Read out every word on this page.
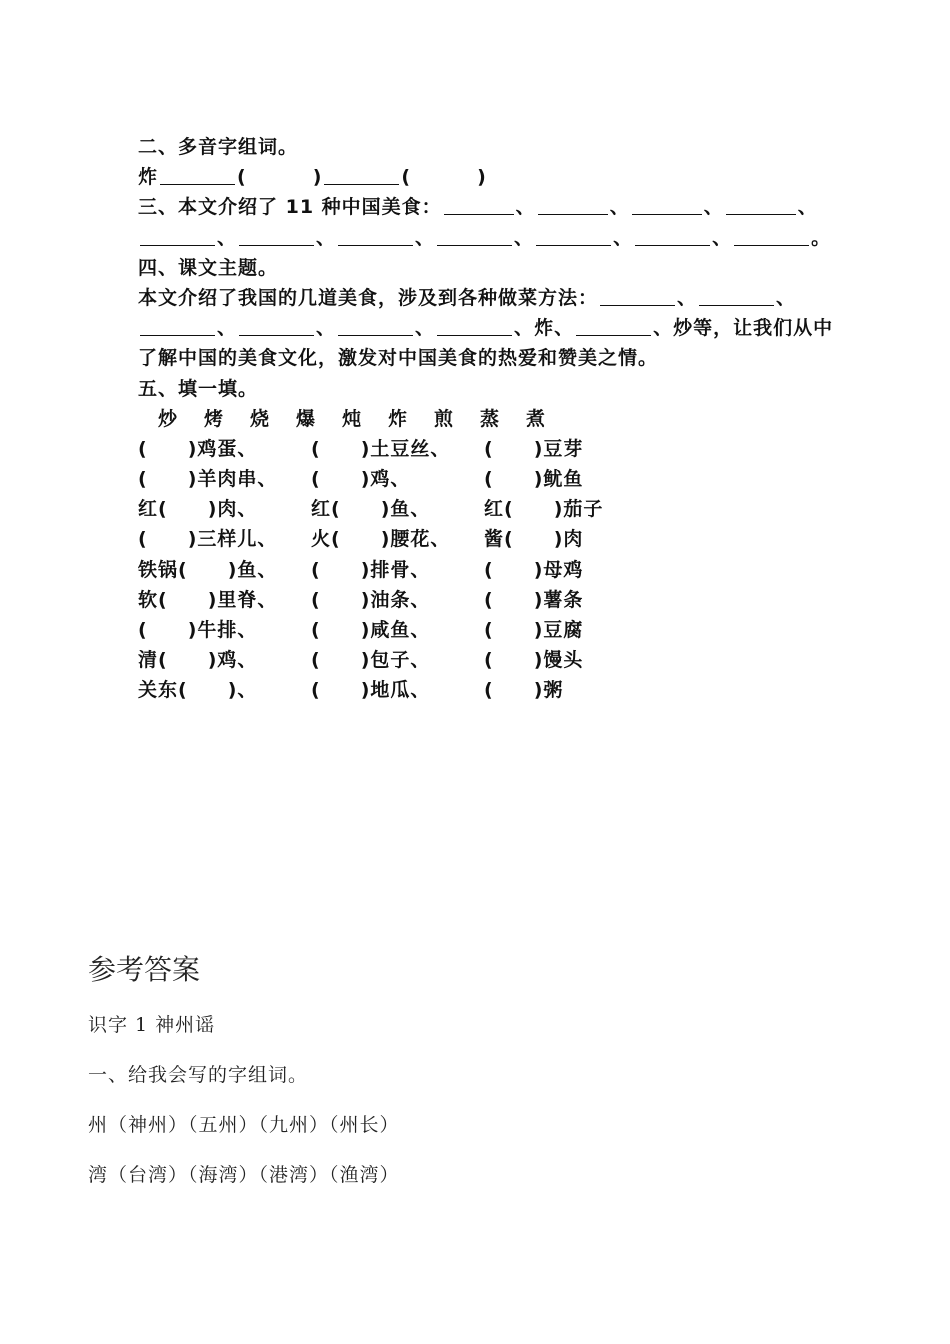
二、多音字组词。
炸	(	)	(	)
三、本文介绍了 11 种中国美食：	、	、	、	、
、	、	、	、	、	、	。
四、课文主题。
本文介绍了我国的几道美食，涉及到各种做菜方法：	、	、
、	、	、	、炸、	、炒等，让我们从中
了解中国的美食文化，激发对中国美食的热爱和赞美之情。
五、填一填。
炒 烤 烧 爆 炖 炸 煎 蒸 煮
( )鸡蛋、	( )土豆丝、 ( )豆芽
( )羊肉串、 ( )鸡、	( )鱿鱼
红( )肉、	红( )鱼、	红( )茄子
( )三样儿、 火( )腰花、 酱( )肉
铁锅( )鱼、 ( )排骨、	( )母鸡
软( )里脊、 ( )油条、	( )薯条
( )牛排、	( )咸鱼、	( )豆腐
清( )鸡、	( )包子、	( )馒头
关东( )、	( )地瓜、	( )粥
参考答案
识字 1 神州谣
一、给我会写的字组词。
州（神州）（五州）（九州）（州长）
湾（台湾）（海湾）（港湾）（渔湾）
